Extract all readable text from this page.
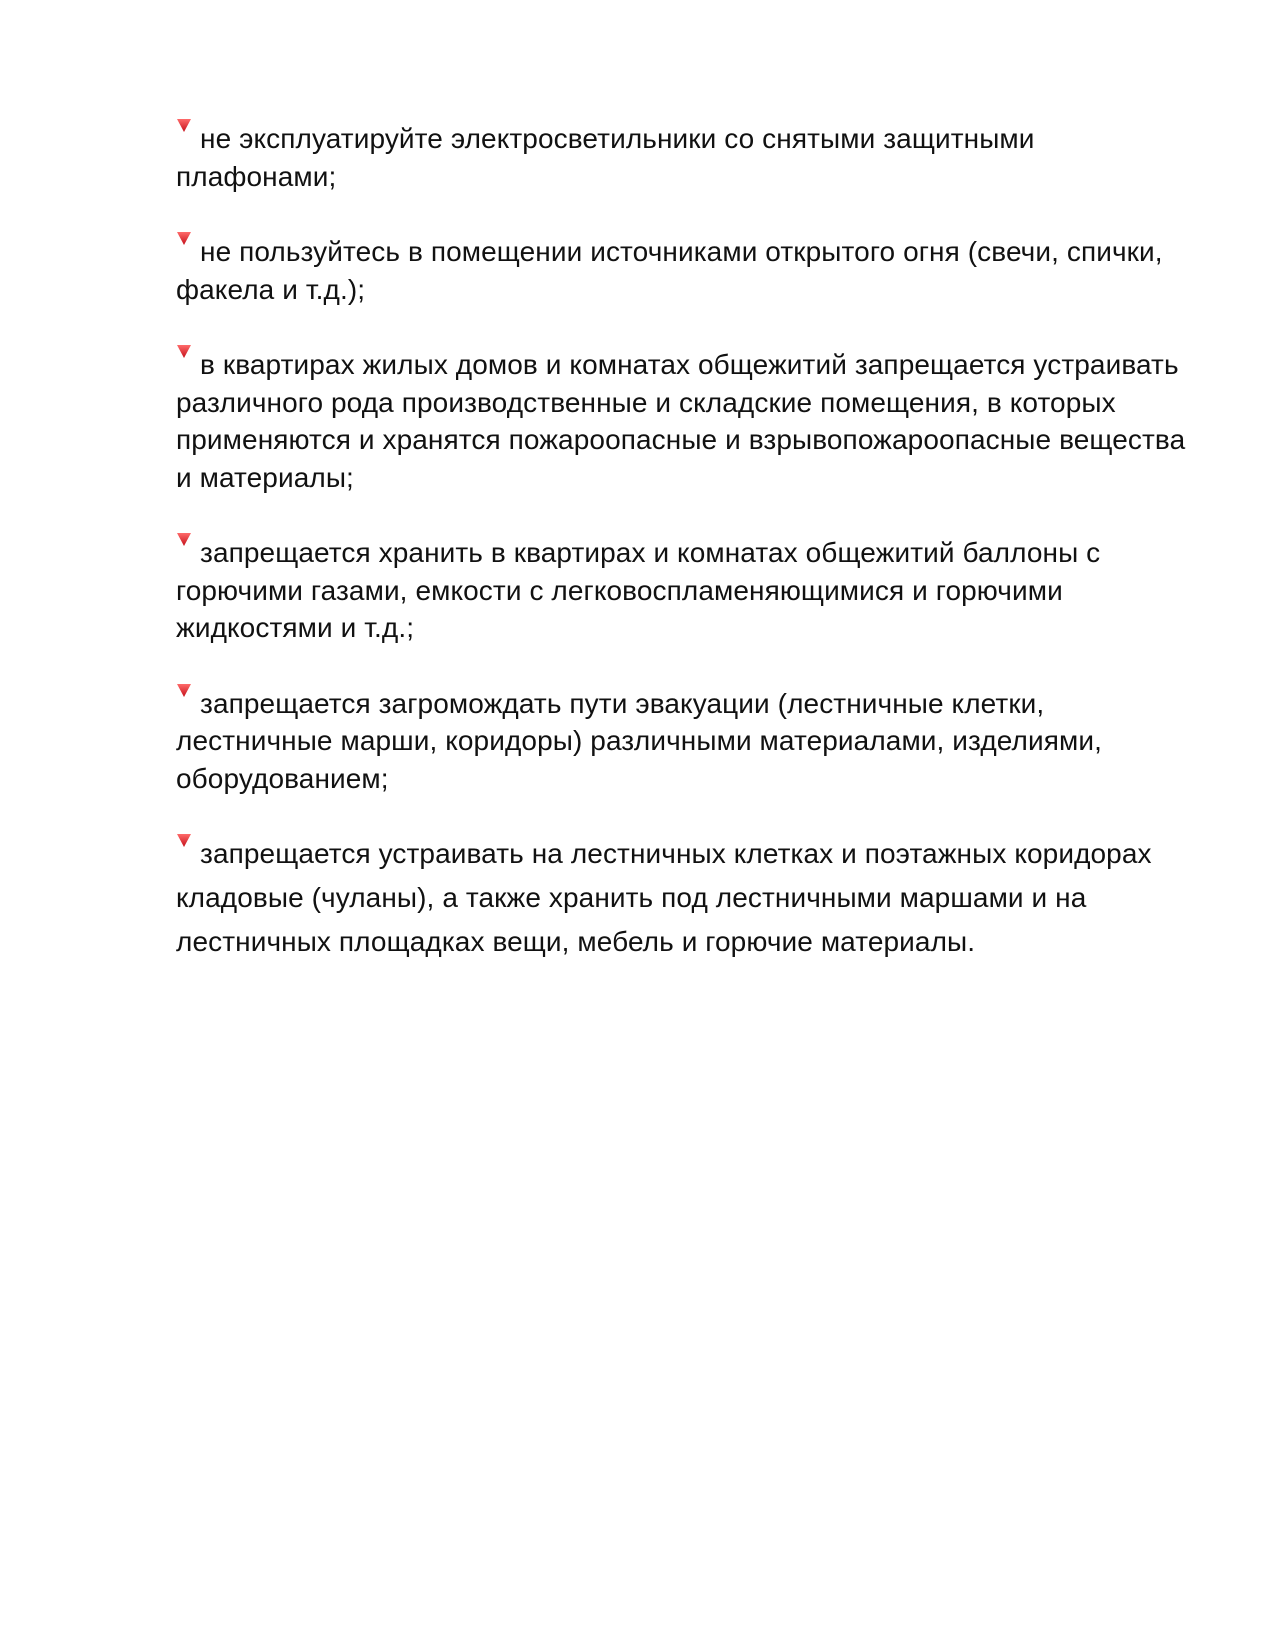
не эксплуатируйте электросветильники со снятыми защитными плафонами;
не пользуйтесь в помещении источниками открытого огня (свечи, спички, факела и т.д.);
в квартирах жилых домов и комнатах общежитий запрещается устраивать различного рода производственные и складские помещения, в которых применяются и хранятся пожароопасные и взрывопожароопасные вещества и материалы;
запрещается хранить в квартирах и комнатах общежитий баллоны с горючими газами, емкости с легковоспламеняющимися и горючими жидкостями и т.д.;
запрещается загромождать пути эвакуации (лестничные клетки, лестничные марши, коридоры) различными материалами, изделиями, оборудованием;
запрещается устраивать на лестничных клетках и поэтажных коридорах кладовые (чуланы), а также хранить под лестничными маршами и на лестничных площадках вещи, мебель и горючие материалы.
